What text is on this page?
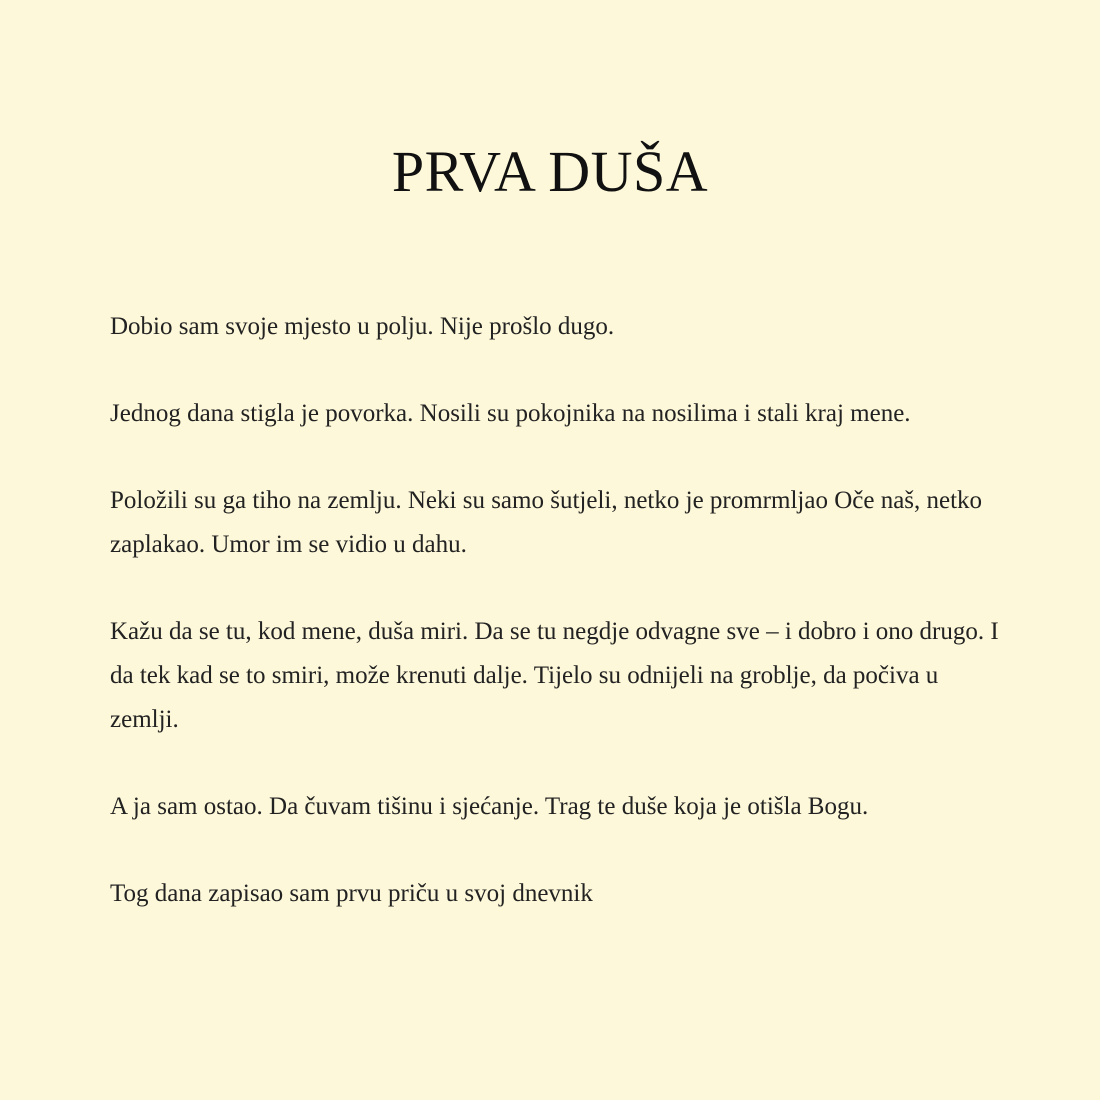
PRVA DUŠA

Dobio sam svoje mjesto u polju. Nije prošlo dugo.

Jednog dana stigla je povorka. Nosili su pokojnika na nosilima i stali kraj mene.

Položili su ga tiho na zemlju. Neki su samo šutjeli, netko je promrmljao Oče naš, netko zaplakao. Umor im se vidio u dahu.

Kažu da se tu, kod mene, duša miri. Da se tu negdje odvagne sve – i dobro i ono drugo. I da tek kad se to smiri, može krenuti dalje. Tijelo su odnijeli na groblje, da počiva u zemlji.

A ja sam ostao. Da čuvam tišinu i sjećanje. Trag te duše koja je otišla Bogu.

Tog dana zapisao sam prvu priču u svoj dnevnik
